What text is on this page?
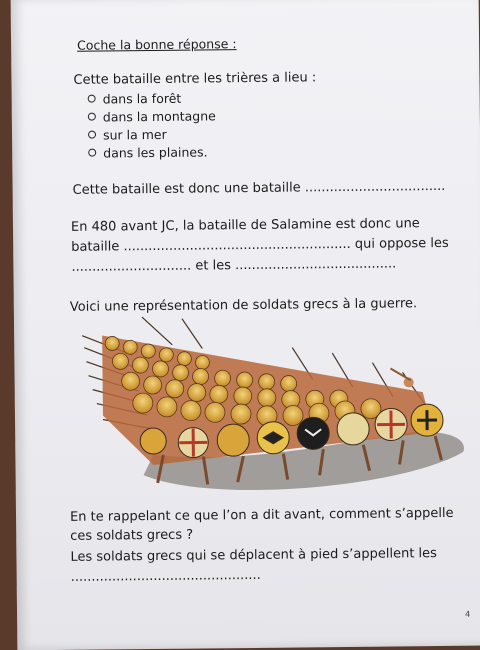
Coche la bonne réponse :
Cette bataille entre les trières a lieu :
dans la forêt
dans la montagne
sur la mer
dans les plaines.
Cette bataille est donc une bataille ..................................
En 480 avant JC, la bataille de Salamine est donc une
bataille ....................................................... qui oppose les
............................. et les .......................................
Voici une représentation de soldats grecs à la guerre.
En te rappelant ce que l’on a dit avant, comment s’appelle
ces soldats grecs ?
Les soldats grecs qui se déplacent à pied s’appellent les
..............................................
4
